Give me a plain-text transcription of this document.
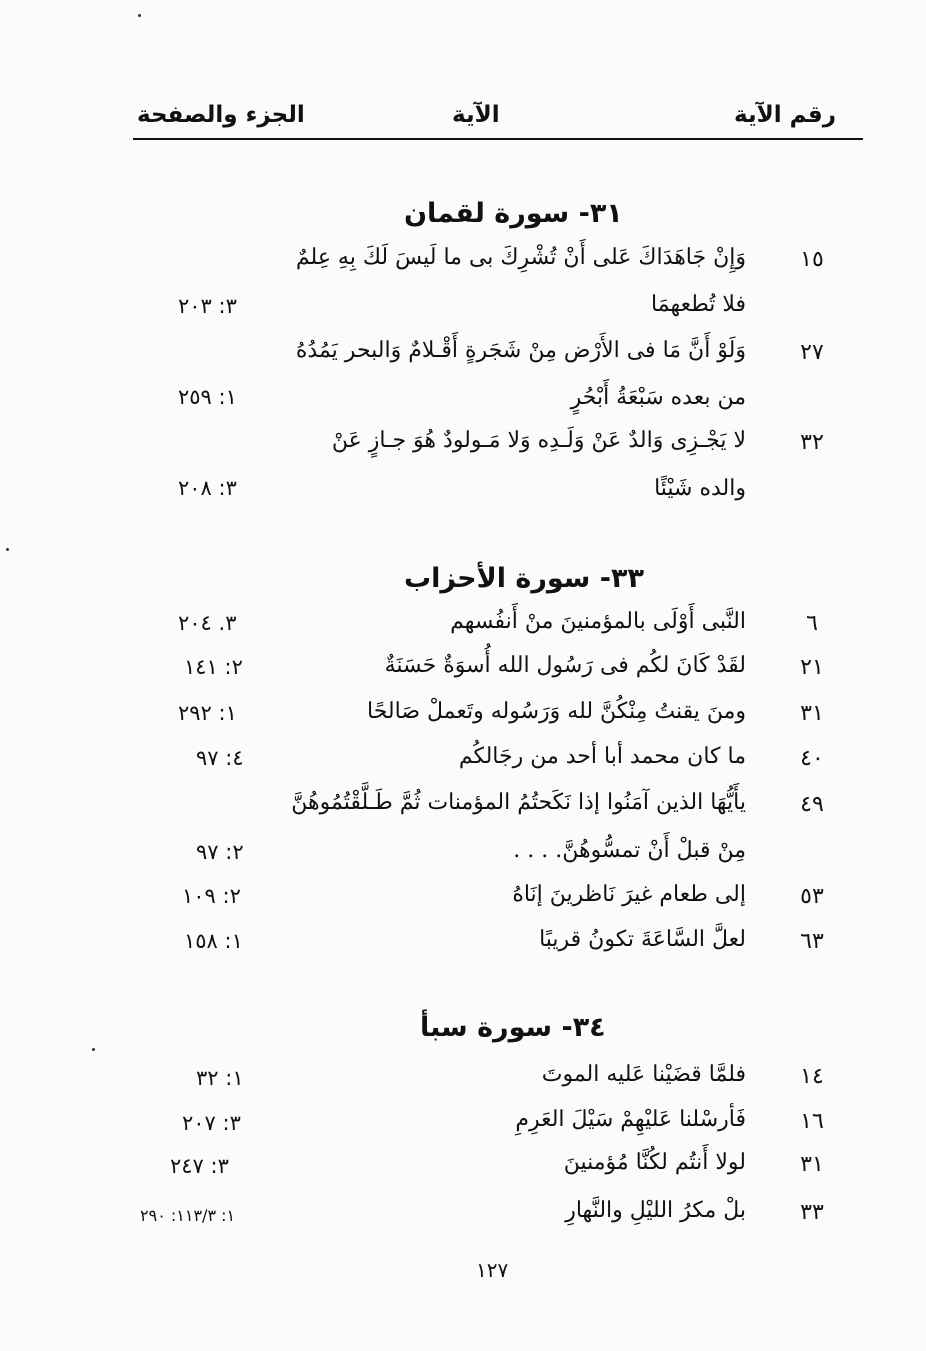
رقم الآية
الآية
الجزء والصفحة
٣١- سورة لقمان
١٥
وَإِنْ جَاهَدَاكَ عَلى أَنْ تُشْرِكَ بى ما لَيسَ لَكَ بِهِ عِلمٌ
فلا تُطعهمَا
٣: ٢٠٣
٢٧
وَلَوْ أَنَّ مَا فى الأَرْض مِنْ شَجَرةٍ أَقْـلامٌ وَالبحر يَمُدُهُ
من بعده سَبْعَةُ أَبْحُرٍ
١: ٢٥٩
٣٢
لا يَجْـزِى وَالدٌ عَنْ وَلَـدِه وَلا مَـولودٌ هُوَ جـازٍ عَنْ
والده شَيْئًا
٣: ٢٠٨
٣٣- سورة الأحزاب
٦
النَّبى أَوْلَى بالمؤمنينَ منْ أَنفُسهم
٣. ٢٠٤
٢١
لقَدْ كَانَ لكُم فى رَسُول الله أُسوَةٌ حَسَنَةٌ
٢: ١٤١
٣١
ومنَ يقنتُ مِنْكُنَّ لله وَرَسُوله وتَعملْ صَالحًا
١: ٢٩٢
٤٠
ما كان محمد أبا أحد من رجَالكُم
٤: ٩٧
٤٩
يأَيُّهَا الذين آمَنُوا إذا نَكَحتُمُ المؤمنات ثُمَّ طَـلَّقْتُمُوهُنَّ
مِنْ قبلْ أَنْ تمسُّوهُنَّ. . . .
٢: ٩٧
٥٣
إلى طعام غيرَ نَاظرينَ إنَاهُ
٢: ١٠٩
٦٣
لعلَّ السَّاعَةَ تكونُ قريبًا
١: ١٥٨
٣٤- سورة سبأ
١٤
فلمَّا قضَيْنا عَليه الموتَ
١: ٣٢
١٦
فَأرسْلنا عَليْهِمْ سَيْلَ العَرِمِ
٣: ٢٠٧
٣١
لولا أَنتُم لكُنَّا مُؤمنينَ
٣: ٢٤٧
٣٣
بلْ مكرُ الليْلِ والنَّهارِ
١: ١١٣/٣: ٢٩٠
١٢٧
